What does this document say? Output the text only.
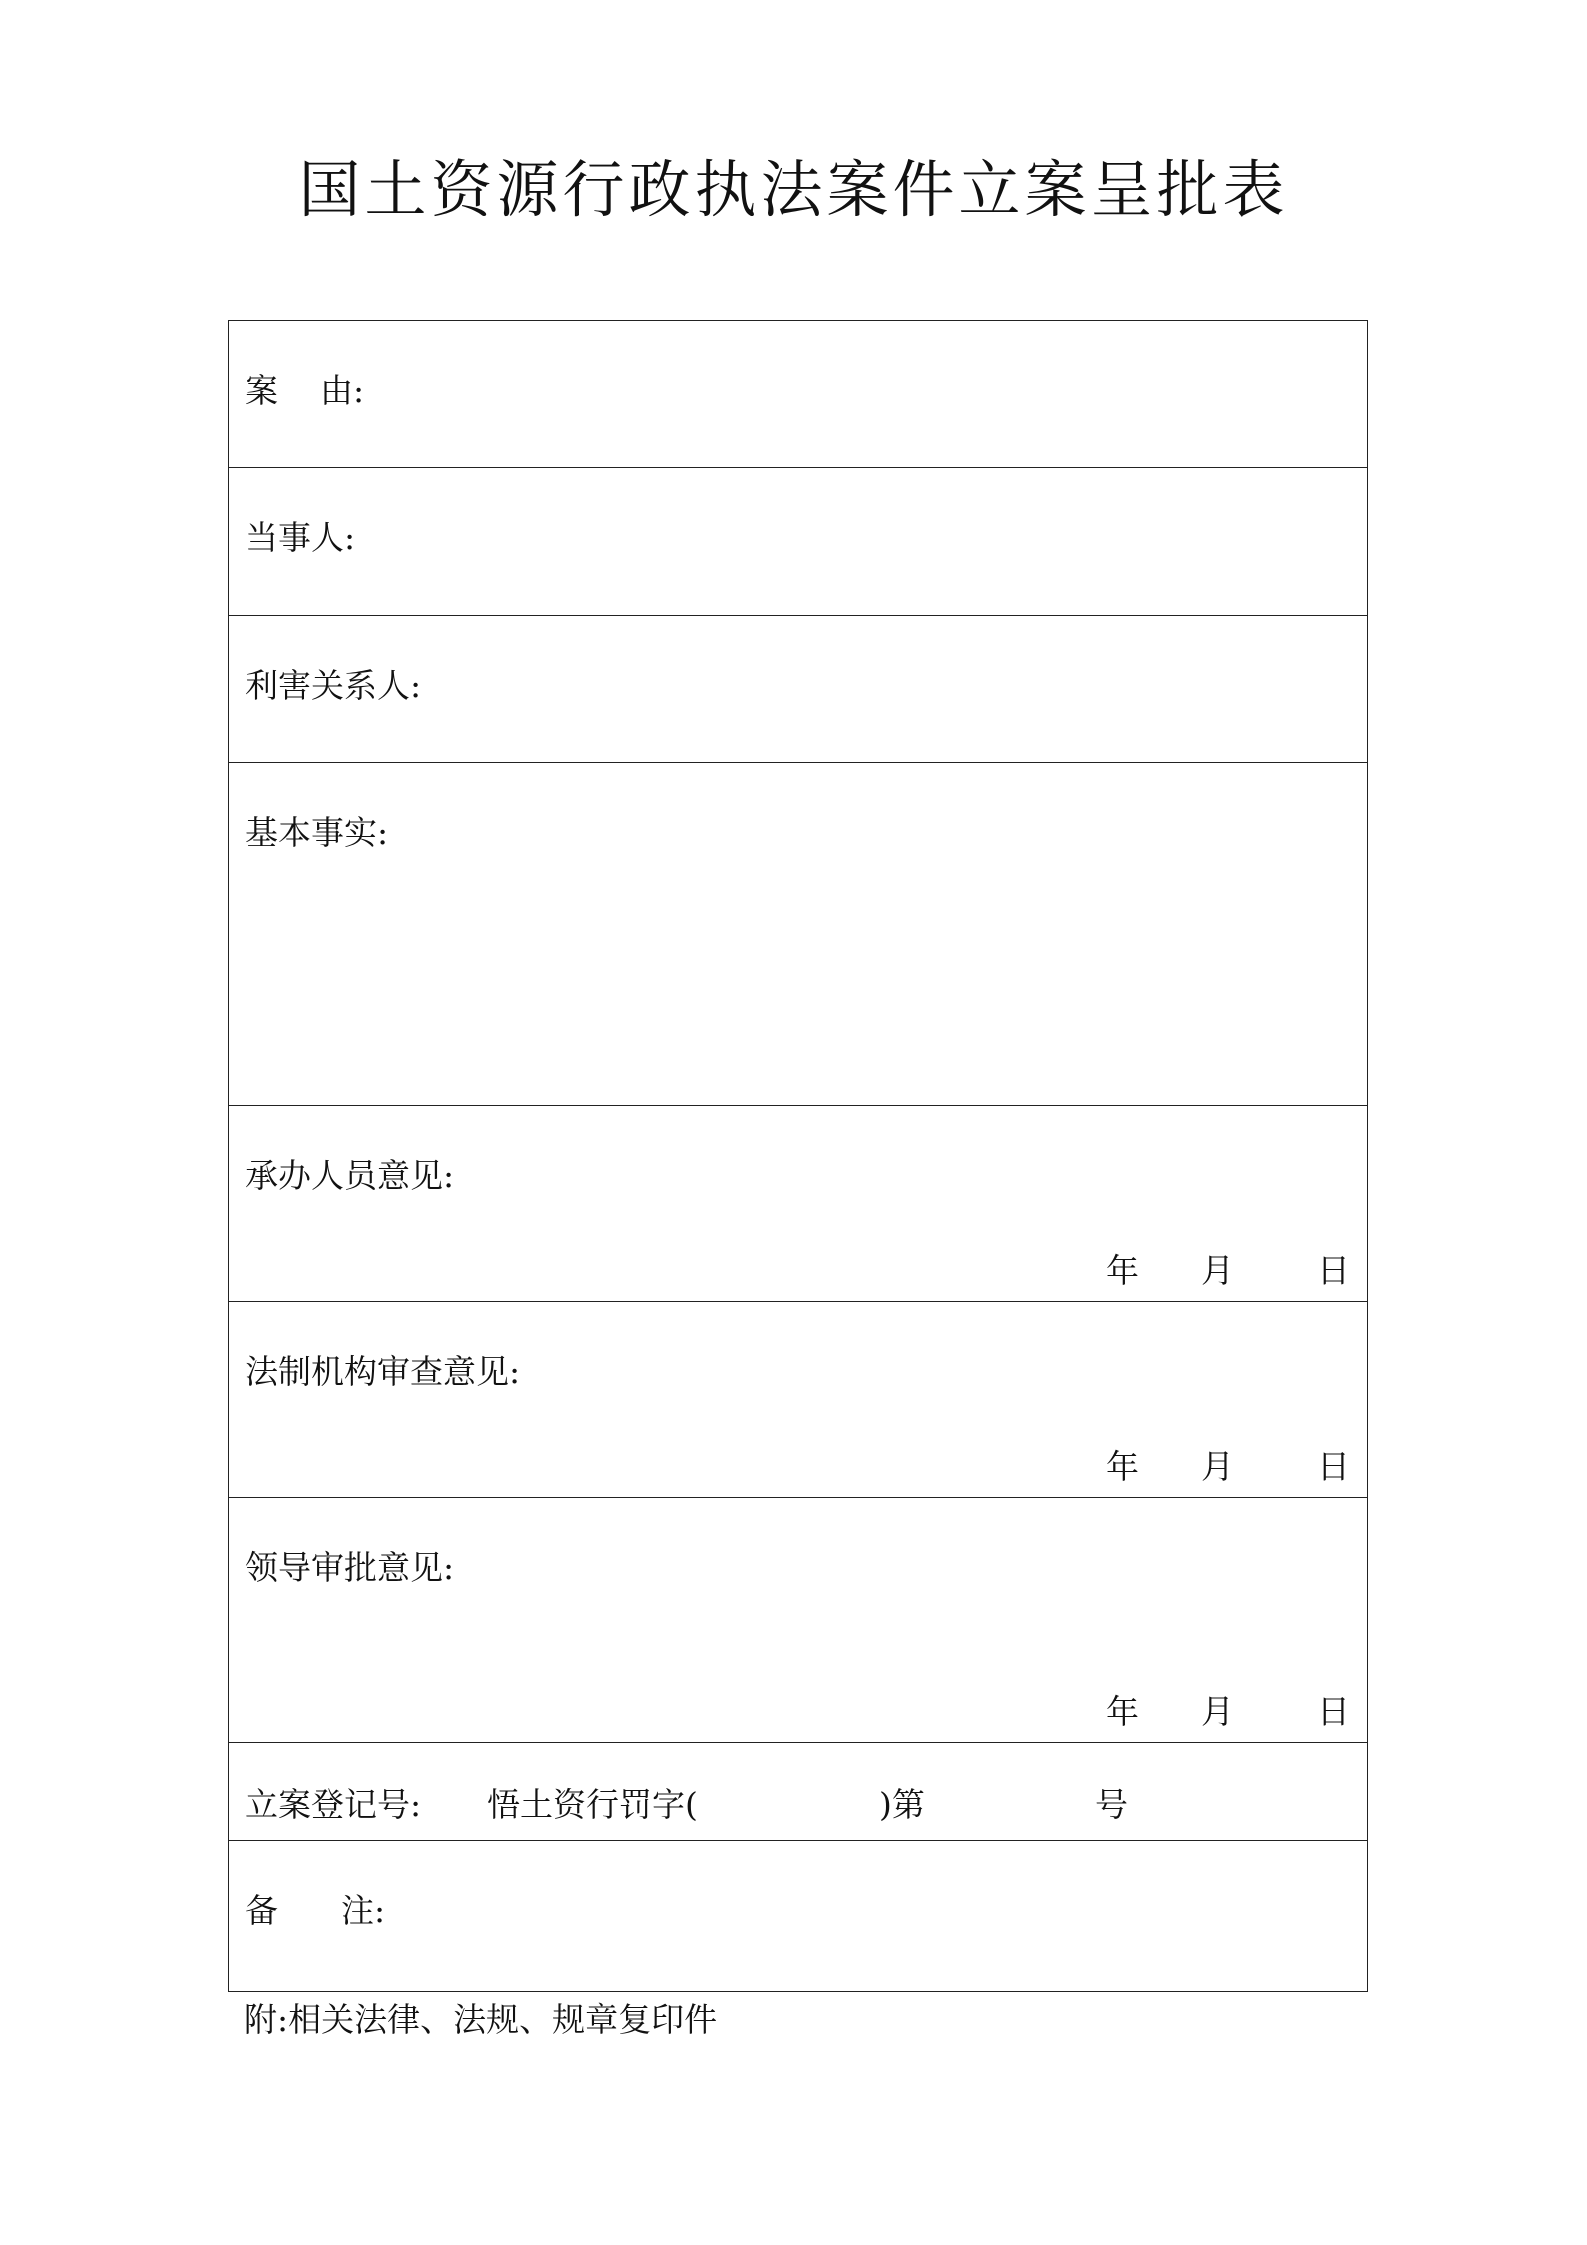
国土资源行政执法案件立案呈批表
案    由:
当事人:
利害关系人:
基本事实:
承办人员意见:
年 月	日
法制机构审查意见:
年 月	日
领导审批意见:
年 月	日

立案登记号:

悟土资行罚字(

	)第

	号

备      注:
附:相关法律、法规、规章复印件
